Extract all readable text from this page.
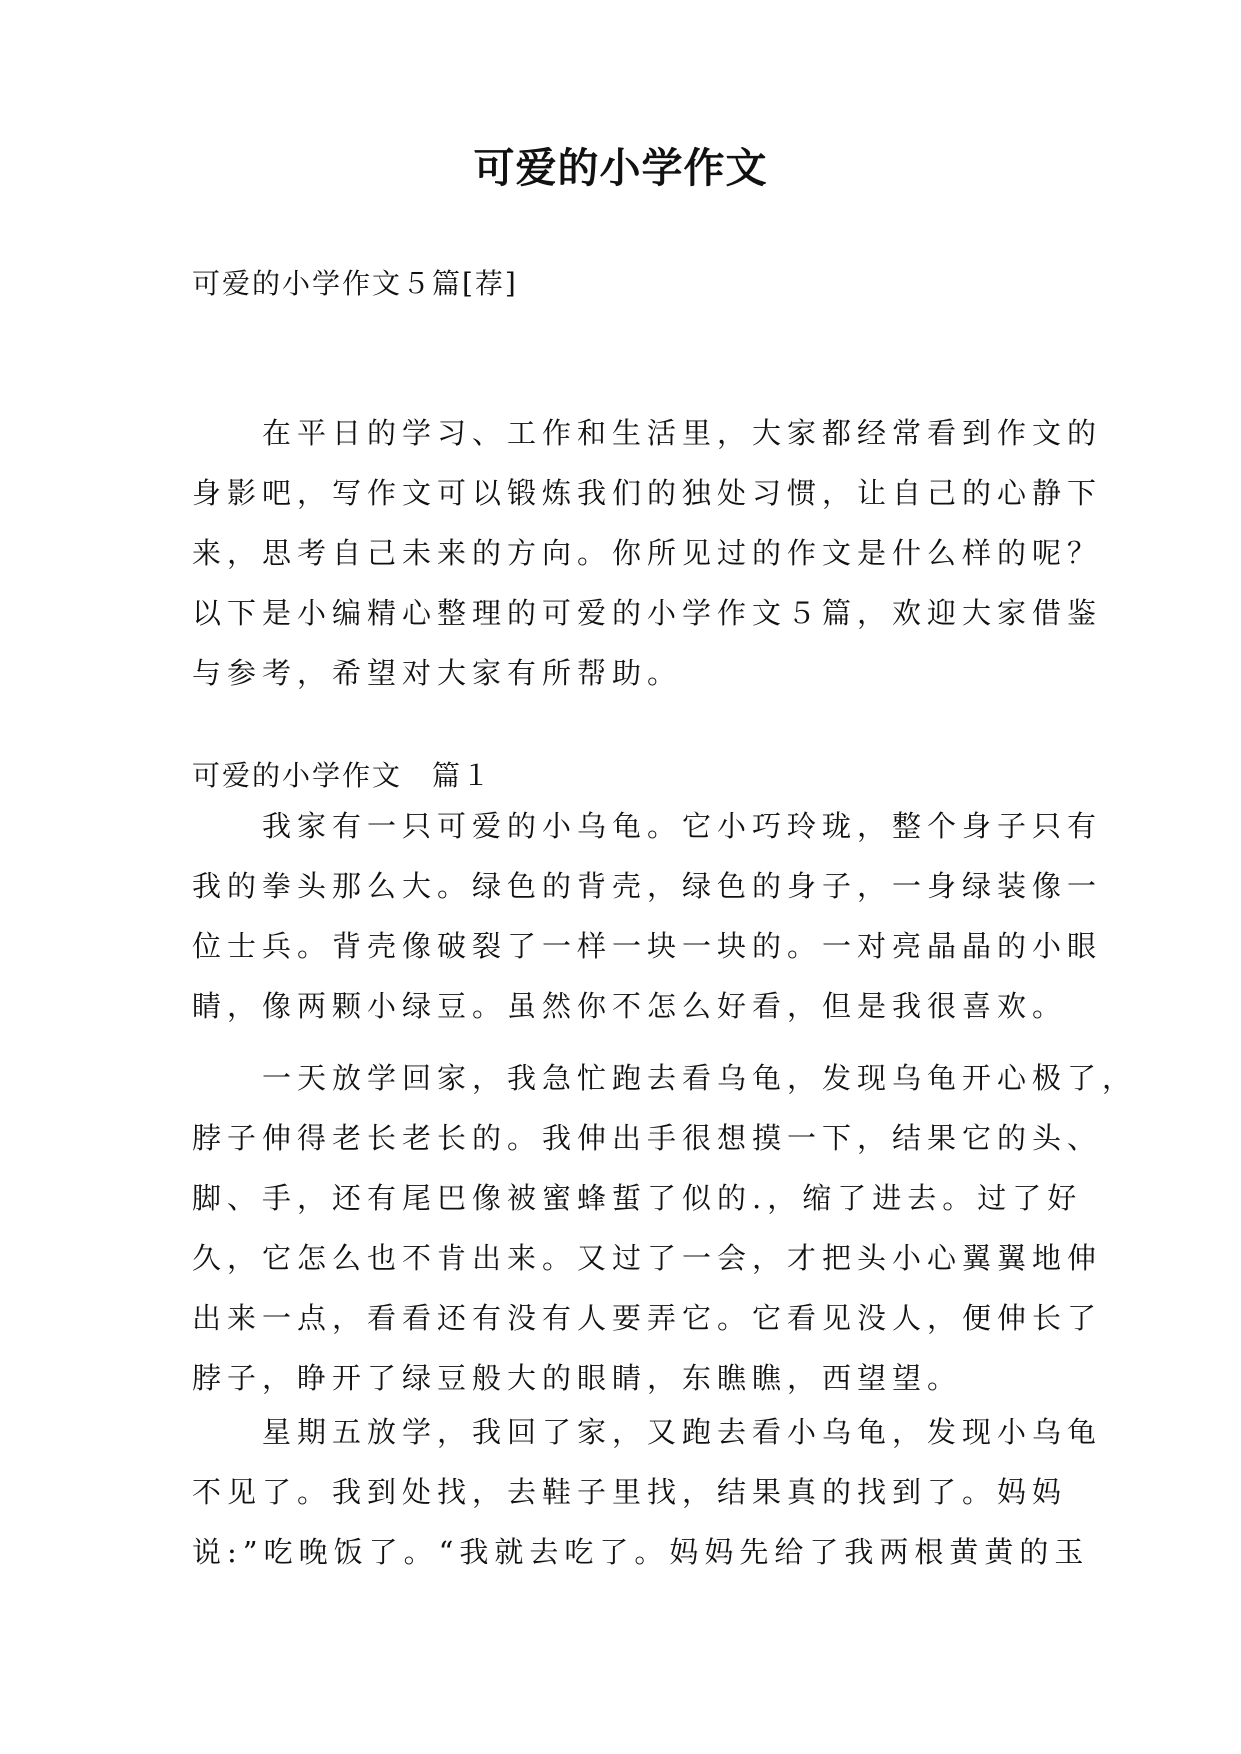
可爱的小学作文
可爱的小学作文５篇[荐]
　　在平日的学习、工作和生活里，大家都经常看到作文的
身影吧，写作文可以锻炼我们的独处习惯，让自己的心静下
来，思考自己未来的方向。你所见过的作文是什么样的呢？
以下是小编精心整理的可爱的小学作文５篇，欢迎大家借鉴
与参考，希望对大家有所帮助。
可爱的小学作文　篇１
　　我家有一只可爱的小乌龟。它小巧玲珑，整个身子只有
我的拳头那么大。绿色的背壳，绿色的身子，一身绿装像一
位士兵。背壳像破裂了一样一块一块的。一对亮晶晶的小眼
睛，像两颗小绿豆。虽然你不怎么好看，但是我很喜欢。
　　一天放学回家，我急忙跑去看乌龟，发现乌龟开心极了，
脖子伸得老长老长的。我伸出手很想摸一下，结果它的头、
脚、手，还有尾巴像被蜜蜂蜇了似的.，缩了进去。过了好
久，它怎么也不肯出来。又过了一会，才把头小心翼翼地伸
出来一点，看看还有没有人要弄它。它看见没人，便伸长了
脖子，睁开了绿豆般大的眼睛，东瞧瞧，西望望。
　　星期五放学，我回了家，又跑去看小乌龟，发现小乌龟
不见了。我到处找，去鞋子里找，结果真的找到了。妈妈
说:”吃晚饭了。“我就去吃了。妈妈先给了我两根黄黄的玉
